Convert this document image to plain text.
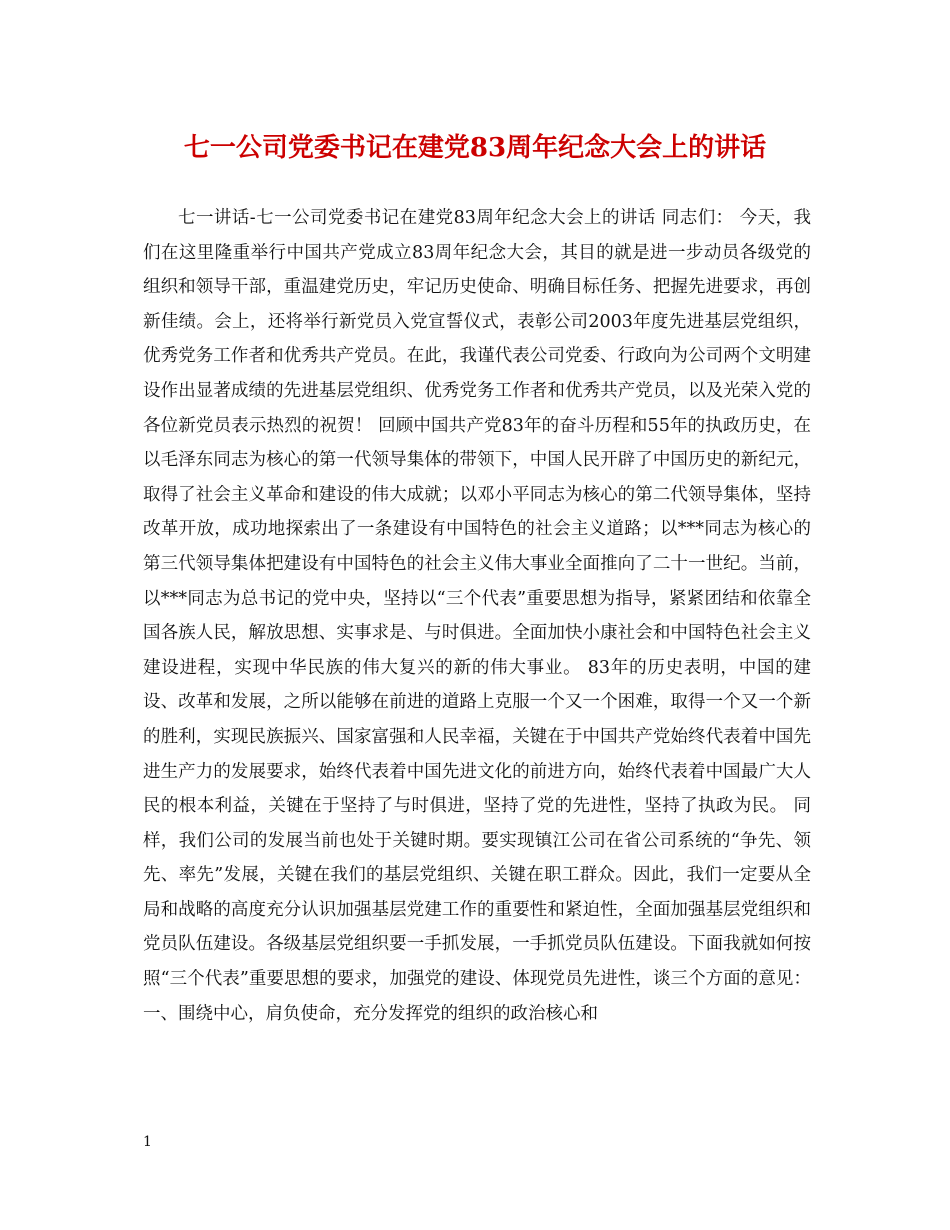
七一公司党委书记在建党83周年纪念大会上的讲话

七一讲话-七一公司党委书记在建党83周年纪念大会上的讲话 同志们： 今天，我们在这里隆重举行中国共产党成立83周年纪念大会，其目的就是进一步动员各级党的组织和领导干部，重温建党历史，牢记历史使命、明确目标任务、把握先进要求，再创新佳绩。会上，还将举行新党员入党宣誓仪式，表彰公司2003年度先进基层党组织，优秀党务工作者和优秀共产党员。在此，我谨代表公司党委、行政向为公司两个文明建设作出显著成绩的先进基层党组织、优秀党务工作者和优秀共产党员，以及光荣入党的各位新党员表示热烈的祝贺！ 回顾中国共产党83年的奋斗历程和55年的执政历史，在以毛泽东同志为核心的第一代领导集体的带领下，中国人民开辟了中国历史的新纪元，取得了社会主义革命和建设的伟大成就；以邓小平同志为核心的第二代领导集体，坚持改革开放，成功地探索出了一条建设有中国特色的社会主义道路；以***同志为核心的第三代领导集体把建设有中国特色的社会主义伟大事业全面推向了二十一世纪。当前，以***同志为总书记的党中央，坚持以“三个代表”重要思想为指导，紧紧团结和依靠全国各族人民，解放思想、实事求是、与时俱进。全面加快小康社会和中国特色社会主义建设进程，实现中华民族的伟大复兴的新的伟大事业。 83年的历史表明，中国的建设、改革和发展，之所以能够在前进的道路上克服一个又一个困难，取得一个又一个新的胜利，实现民族振兴、国家富强和人民幸福，关键在于中国共产党始终代表着中国先进生产力的发展要求，始终代表着中国先进文化的前进方向，始终代表着中国最广大人民的根本利益，关键在于坚持了与时俱进，坚持了党的先进性，坚持了执政为民。 同样，我们公司的发展当前也处于关键时期。要实现镇江公司在省公司系统的“争先、领先、率先”发展，关键在我们的基层党组织、关键在职工群众。因此，我们一定要从全局和战略的高度充分认识加强基层党建工作的重要性和紧迫性，全面加强基层党组织和党员队伍建设。各级基层党组织要一手抓发展，一手抓党员队伍建设。下面我就如何按照“三个代表”重要思想的要求，加强党的建设、体现党员先进性，谈三个方面的意见： 一、围绕中心，肩负使命，充分发挥党的组织的政治核心和

1
